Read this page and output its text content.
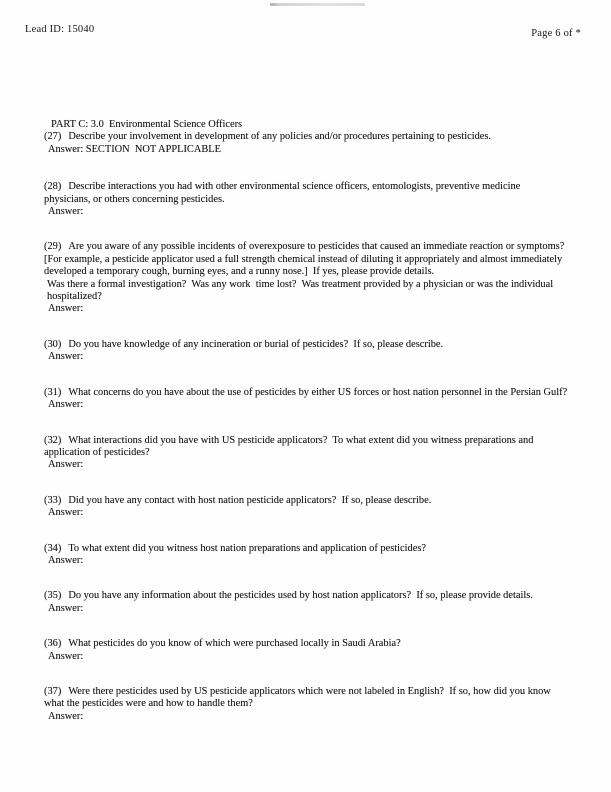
Lead ID: 15040	Page 6 of *

PART C: 3.0  Environmental Science Officers

(27) Describe your involvement in development of any policies and/or procedures pertaining to pesticides.

Answer: SECTION  NOT APPLICABLE

(28) Describe interactions you had with other environmental science officers, entomologists, preventive medicine physicians, or others concerning pesticides.

Answer:

(29) Are you aware of any possible incidents of overexposure to pesticides that caused an immediate reaction or symptoms?  [For example, a pesticide applicator used a full strength chemical instead of diluting it appropriately and almost immediately developed a temporary cough, burning eyes, and a runny nose.]  If yes, please provide details.

Was there a formal investigation?  Was any work  time lost?  Was treatment provided by a physician or was the individual hospitalized?

Answer:

(30) Do you have knowledge of any incineration or burial of pesticides?  If so, please describe.

Answer:

(31) What concerns do you have about the use of pesticides by either US forces or host nation personnel in the Persian Gulf?

Answer:

(32) What interactions did you have with US pesticide applicators?  To what extent did you witness preparations and application of pesticides?

Answer:

(33) Did you have any contact with host nation pesticide applicators?  If so, please describe.

Answer:

(34) To what extent did you witness host nation preparations and application of pesticides?

Answer:

(35) Do you have any information about the pesticides used by host nation applicators?  If so, please provide details.

Answer:

(36) What pesticides do you know of which were purchased locally in Saudi Arabia?

Answer:

(37) Were there pesticides used by US pesticide applicators which were not labeled in English?  If so, how did you know what the pesticides were and how to handle them?

Answer:
